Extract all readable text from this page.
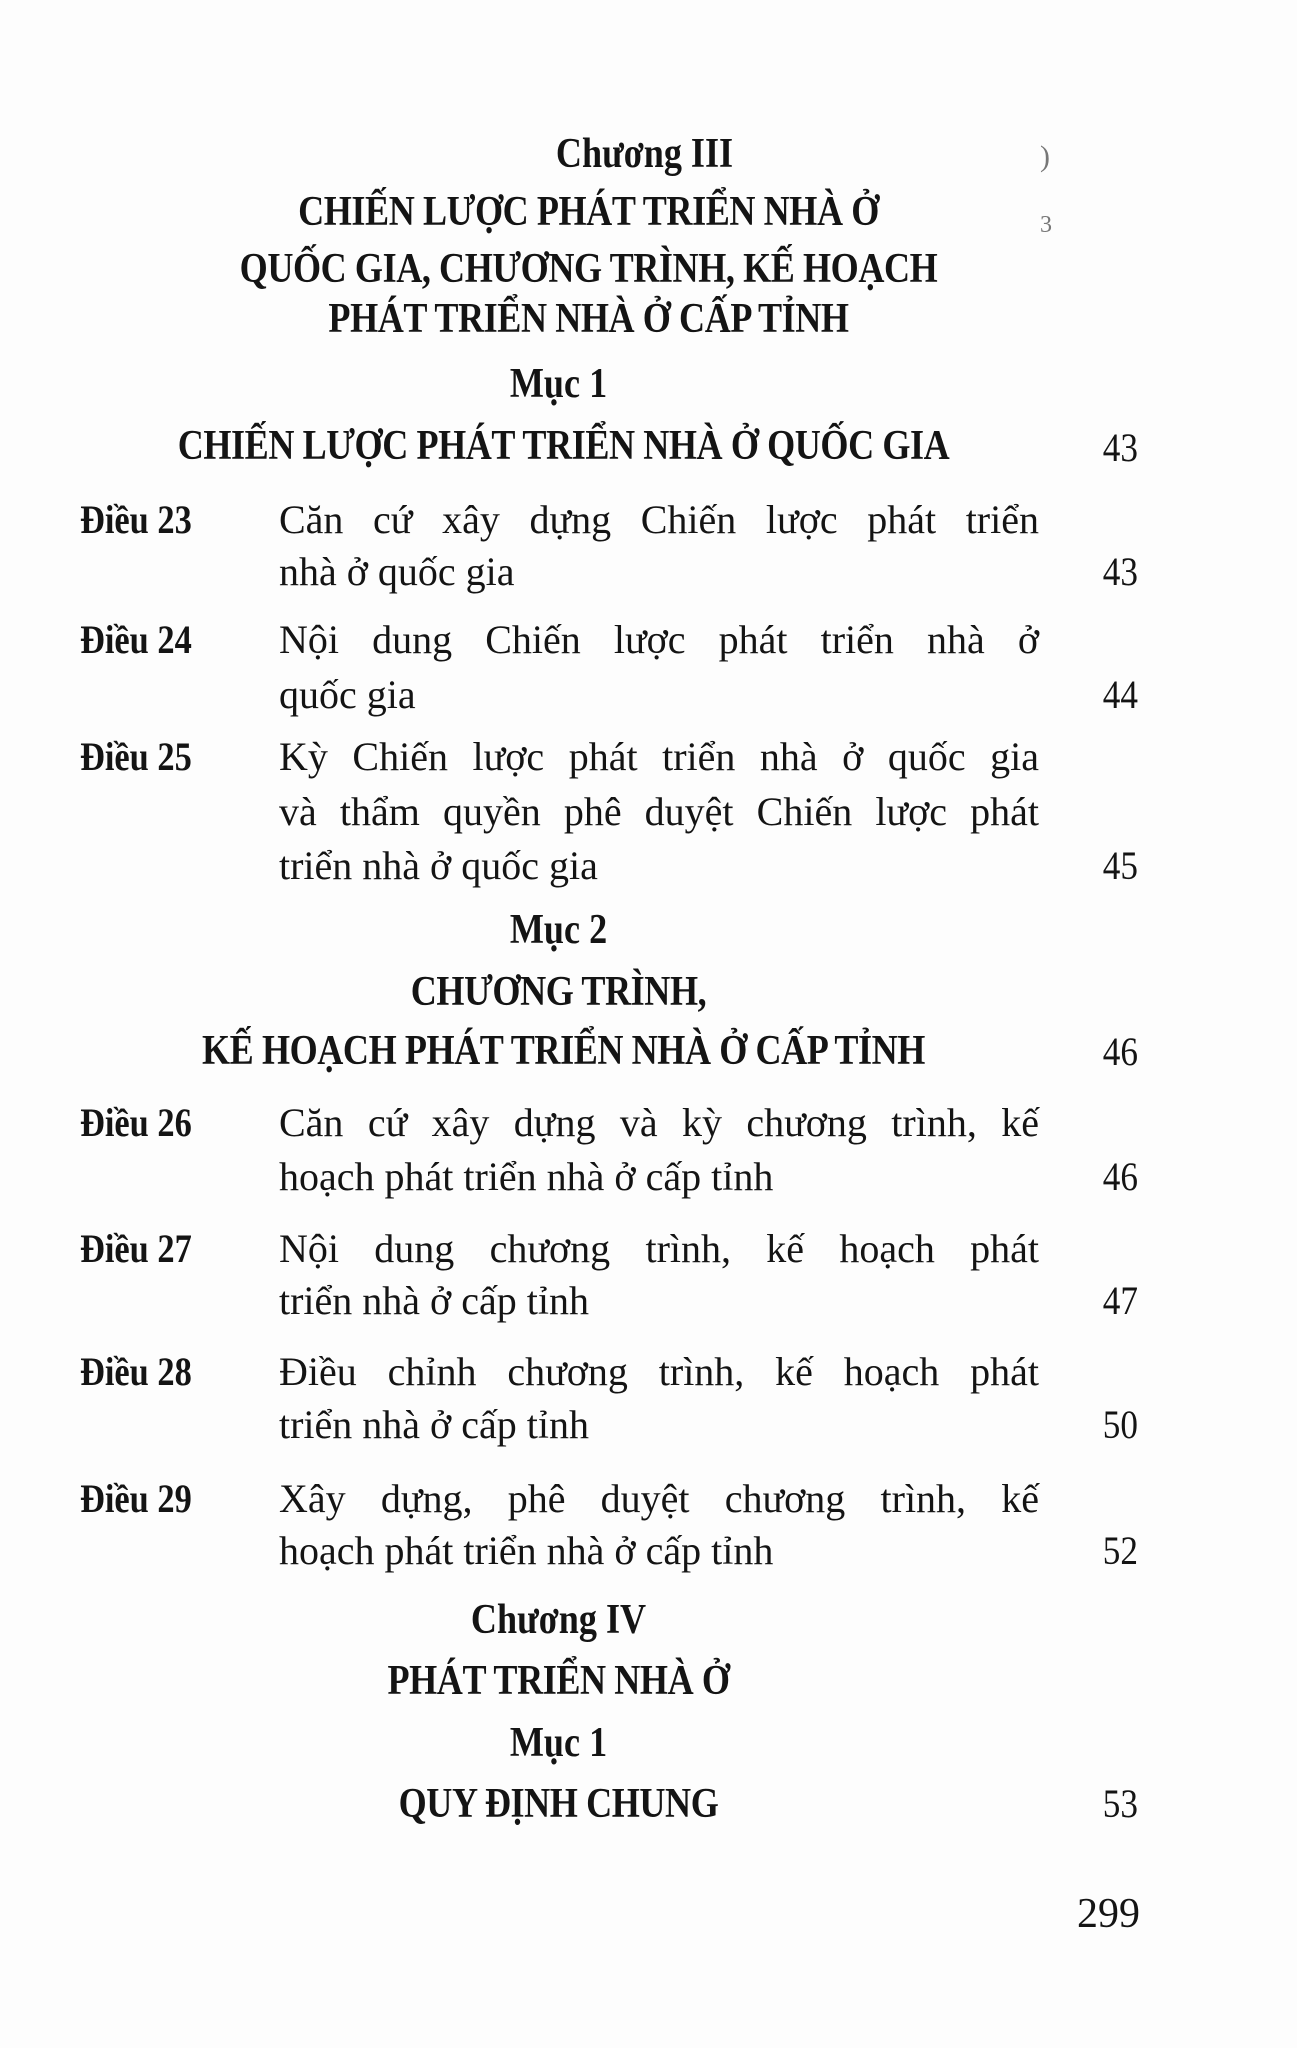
)
3
Chương III
CHIẾN LƯỢC PHÁT TRIỂN NHÀ Ở
QUỐC GIA, CHƯƠNG TRÌNH, KẾ HOẠCH
PHÁT TRIỂN NHÀ Ở CẤP TỈNH
Mục 1
CHIẾN LƯỢC PHÁT TRIỂN NHÀ Ở QUỐC GIA	43
Điều 23 Căn cứ xây dựng Chiến lược phát triển
nhà ở quốc gia	43
Điều 24 Nội dung Chiến lược phát triển nhà ở
quốc gia	44
Điều 25 Kỳ Chiến lược phát triển nhà ở quốc gia
và thẩm quyền phê duyệt Chiến lược phát
triển nhà ở quốc gia	45
Mục 2
CHƯƠNG TRÌNH,
KẾ HOẠCH PHÁT TRIỂN NHÀ Ở CẤP TỈNH	46
Điều 26 Căn cứ xây dựng và kỳ chương trình, kế
hoạch phát triển nhà ở cấp tỉnh	46
Điều 27 Nội dung chương trình, kế hoạch phát
triển nhà ở cấp tỉnh	47
Điều 28 Điều chỉnh chương trình, kế hoạch phát
triển nhà ở cấp tỉnh	50
Điều 29 Xây dựng, phê duyệt chương trình, kế
hoạch phát triển nhà ở cấp tỉnh	52
Chương IV
PHÁT TRIỂN NHÀ Ở
Mục 1
QUY ĐỊNH CHUNG	53
299
